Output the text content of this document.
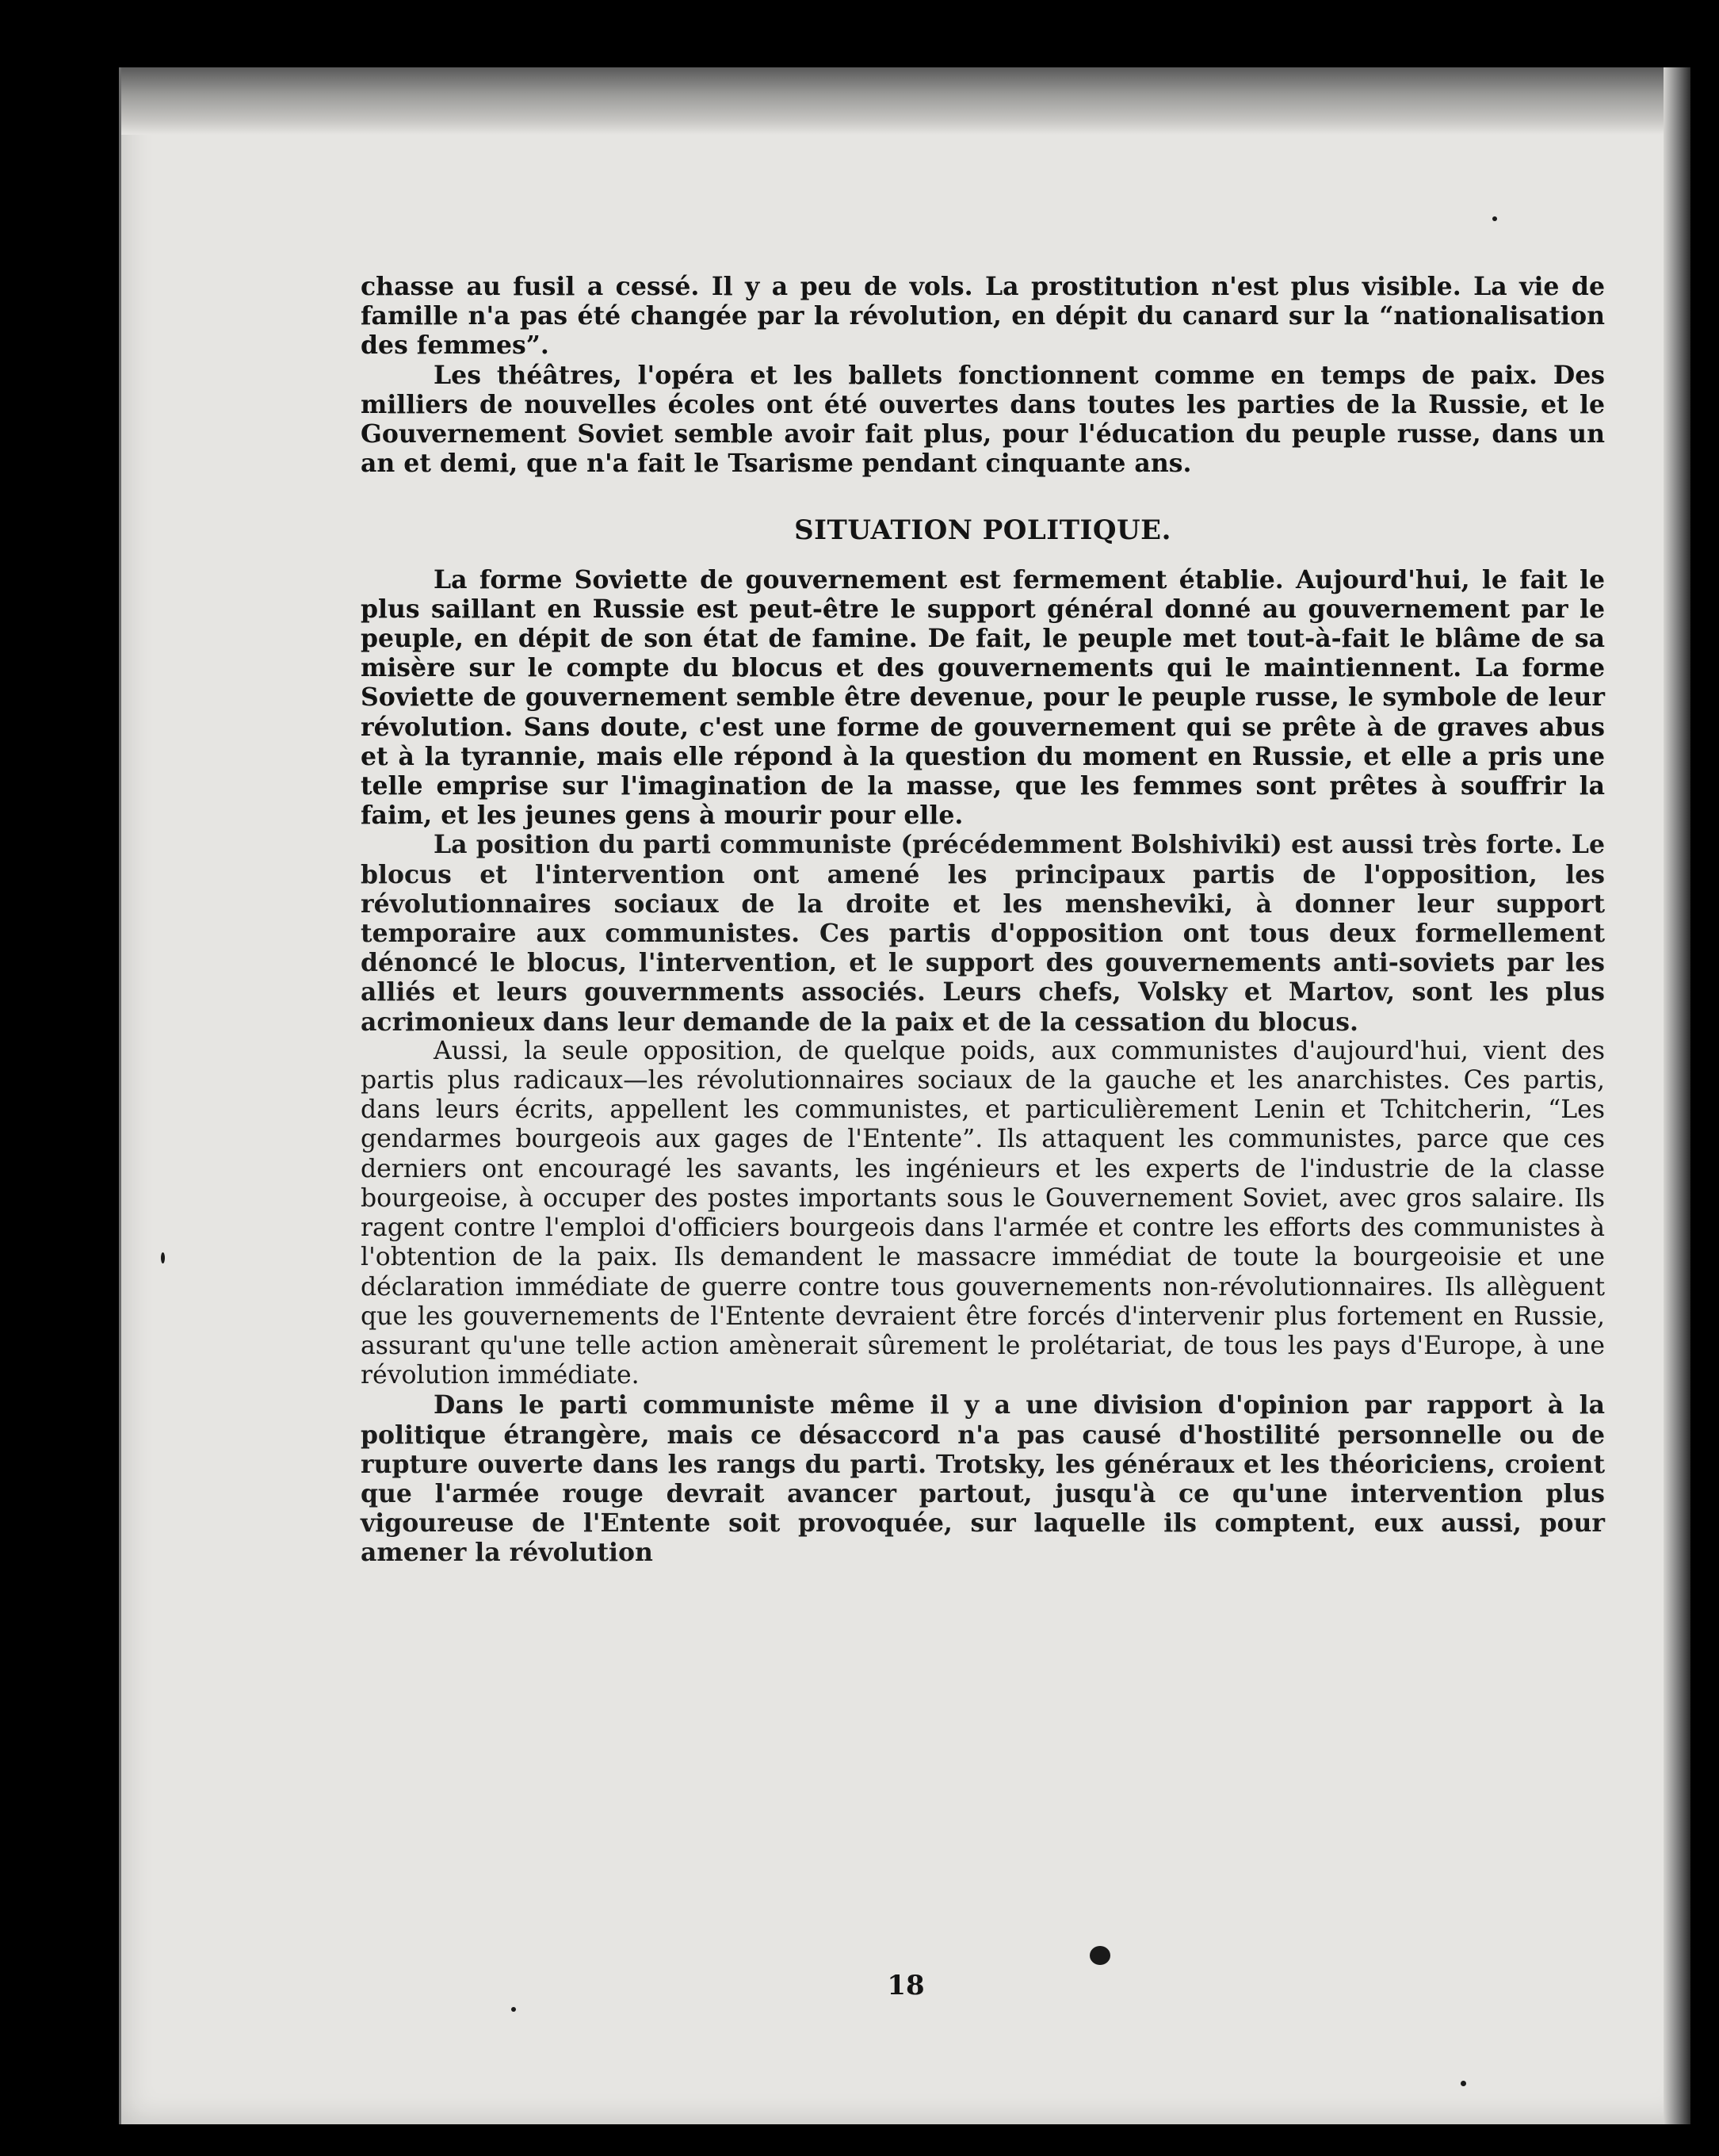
chasse au fusil a cessé. Il y a peu de vols. La prostitution n'est plus visible. La vie de famille n'a pas été changée par la révolution, en dépit du canard sur la “nationalisation des femmes”.

Les théâtres, l'opéra et les ballets fonctionnent comme en temps de paix. Des milliers de nouvelles écoles ont été ouvertes dans toutes les parties de la Russie, et le Gouvernement Soviet semble avoir fait plus, pour l'éducation du peuple russe, dans un an et demi, que n'a fait le Tsarisme pendant cinquante ans.

SITUATION POLITIQUE.

La forme Soviette de gouvernement est fermement établie. Aujourd'hui, le fait le plus saillant en Russie est peut-être le support général donné au gouvernement par le peuple, en dépit de son état de famine. De fait, le peuple met tout-à-fait le blâme de sa misère sur le compte du blocus et des gouvernements qui le maintiennent. La forme Soviette de gouvernement semble être devenue, pour le peuple russe, le symbole de leur révolution. Sans doute, c'est une forme de gouvernement qui se prête à de graves abus et à la tyrannie, mais elle répond à la question du moment en Russie, et elle a pris une telle emprise sur l'imagination de la masse, que les femmes sont prêtes à souffrir la faim, et les jeunes gens à mourir pour elle.

La position du parti communiste (précédemment Bolshiviki) est aussi très forte. Le blocus et l'intervention ont amené les principaux partis de l'opposition, les révolutionnaires sociaux de la droite et les mensheviki, à donner leur support temporaire aux communistes. Ces partis d'opposition ont tous deux formellement dénoncé le blocus, l'intervention, et le support des gouvernements anti-soviets par les alliés et leurs gouvernments associés. Leurs chefs, Volsky et Martov, sont les plus acrimonieux dans leur demande de la paix et de la cessation du blocus.

Aussi, la seule opposition, de quelque poids, aux communistes d'aujourd'hui, vient des partis plus radicaux—les révolutionnaires sociaux de la gauche et les anarchistes. Ces partis, dans leurs écrits, appellent les communistes, et particulièrement Lenin et Tchitcherin, “Les gendarmes bourgeois aux gages de l'Entente”. Ils attaquent les communistes, parce que ces derniers ont encouragé les savants, les ingénieurs et les experts de l'industrie de la classe bourgeoise, à occuper des postes importants sous le Gouvernement Soviet, avec gros salaire. Ils ragent contre l'emploi d'officiers bourgeois dans l'armée et contre les efforts des communistes à l'obtention de la paix. Ils demandent le massacre immédiat de toute la bourgeoisie et une déclaration immédiate de guerre contre tous gouvernements non-révolutionnaires. Ils allèguent que les gouvernements de l'Entente devraient être forcés d'intervenir plus fortement en Russie, assurant qu'une telle action amènerait sûrement le prolétariat, de tous les pays d'Europe, à une révolution immédiate.

Dans le parti communiste même il y a une division d'opinion par rapport à la politique étrangère, mais ce désaccord n'a pas causé d'hostilité personnelle ou de rupture ouverte dans les rangs du parti. Trotsky, les généraux et les théoriciens, croient que l'armée rouge devrait avancer partout, jusqu'à ce qu'une intervention plus vigoureuse de l'Entente soit provoquée, sur laquelle ils comptent, eux aussi, pour amener la révolution

18
